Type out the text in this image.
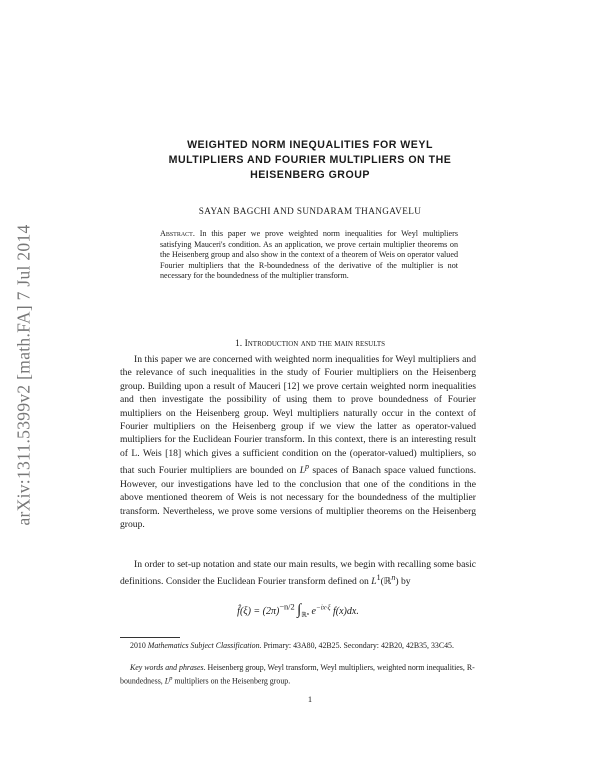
arXiv:1311.5399v2 [math.FA] 7 Jul 2014
WEIGHTED NORM INEQUALITIES FOR WEYL
MULTIPLIERS AND FOURIER MULTIPLIERS ON THE
HEISENBERG GROUP
SAYAN BAGCHI AND SUNDARAM THANGAVELU
Abstract. In this paper we prove weighted norm inequalities for Weyl multipliers satisfying Mauceri's condition. As an application, we prove certain multiplier theorems on the Heisenberg group and also show in the context of a theorem of Weis on operator valued Fourier multipliers that the R-boundedness of the derivative of the multiplier is not necessary for the boundedness of the multiplier transform.
1. Introduction and the main results
In this paper we are concerned with weighted norm inequalities for Weyl multipliers and the relevance of such inequalities in the study of Fourier multipliers on the Heisenberg group. Building upon a result of Mauceri [12] we prove certain weighted norm inequalities and then investigate the possibility of using them to prove boundedness of Fourier multipliers on the Heisenberg group. Weyl multipliers naturally occur in the context of Fourier multipliers on the Heisenberg group if we view the latter as operator-valued multipliers for the Euclidean Fourier transform. In this context, there is an interesting result of L. Weis [18] which gives a sufficient condition on the (operator-valued) multipliers, so that such Fourier multipliers are bounded on $L^p$ spaces of Banach space valued functions. However, our investigations have led to the conclusion that one of the conditions in the above mentioned theorem of Weis is not necessary for the boundedness of the multiplier transform. Nevertheless, we prove some versions of multiplier theorems on the Heisenberg group.
In order to set-up notation and state our main results, we begin with recalling some basic definitions. Consider the Euclidean Fourier transform defined on $L^1(ℝ^n)$ by
f̂(ξ) = $(2\pi)^{-n/2}$ $\int_{ℝ^n}$ $e^{-ix\cdot\xi}$ f(x)dx.
2010 Mathematics Subject Classification. Primary: 43A80, 42B25. Secondary: 42B20, 42B35, 33C45.
Key words and phrases. Heisenberg group, Weyl transform, Weyl multipliers, weighted norm inequalities, R-boundedness, $L^p$ multipliers on the Heisenberg group.
1
